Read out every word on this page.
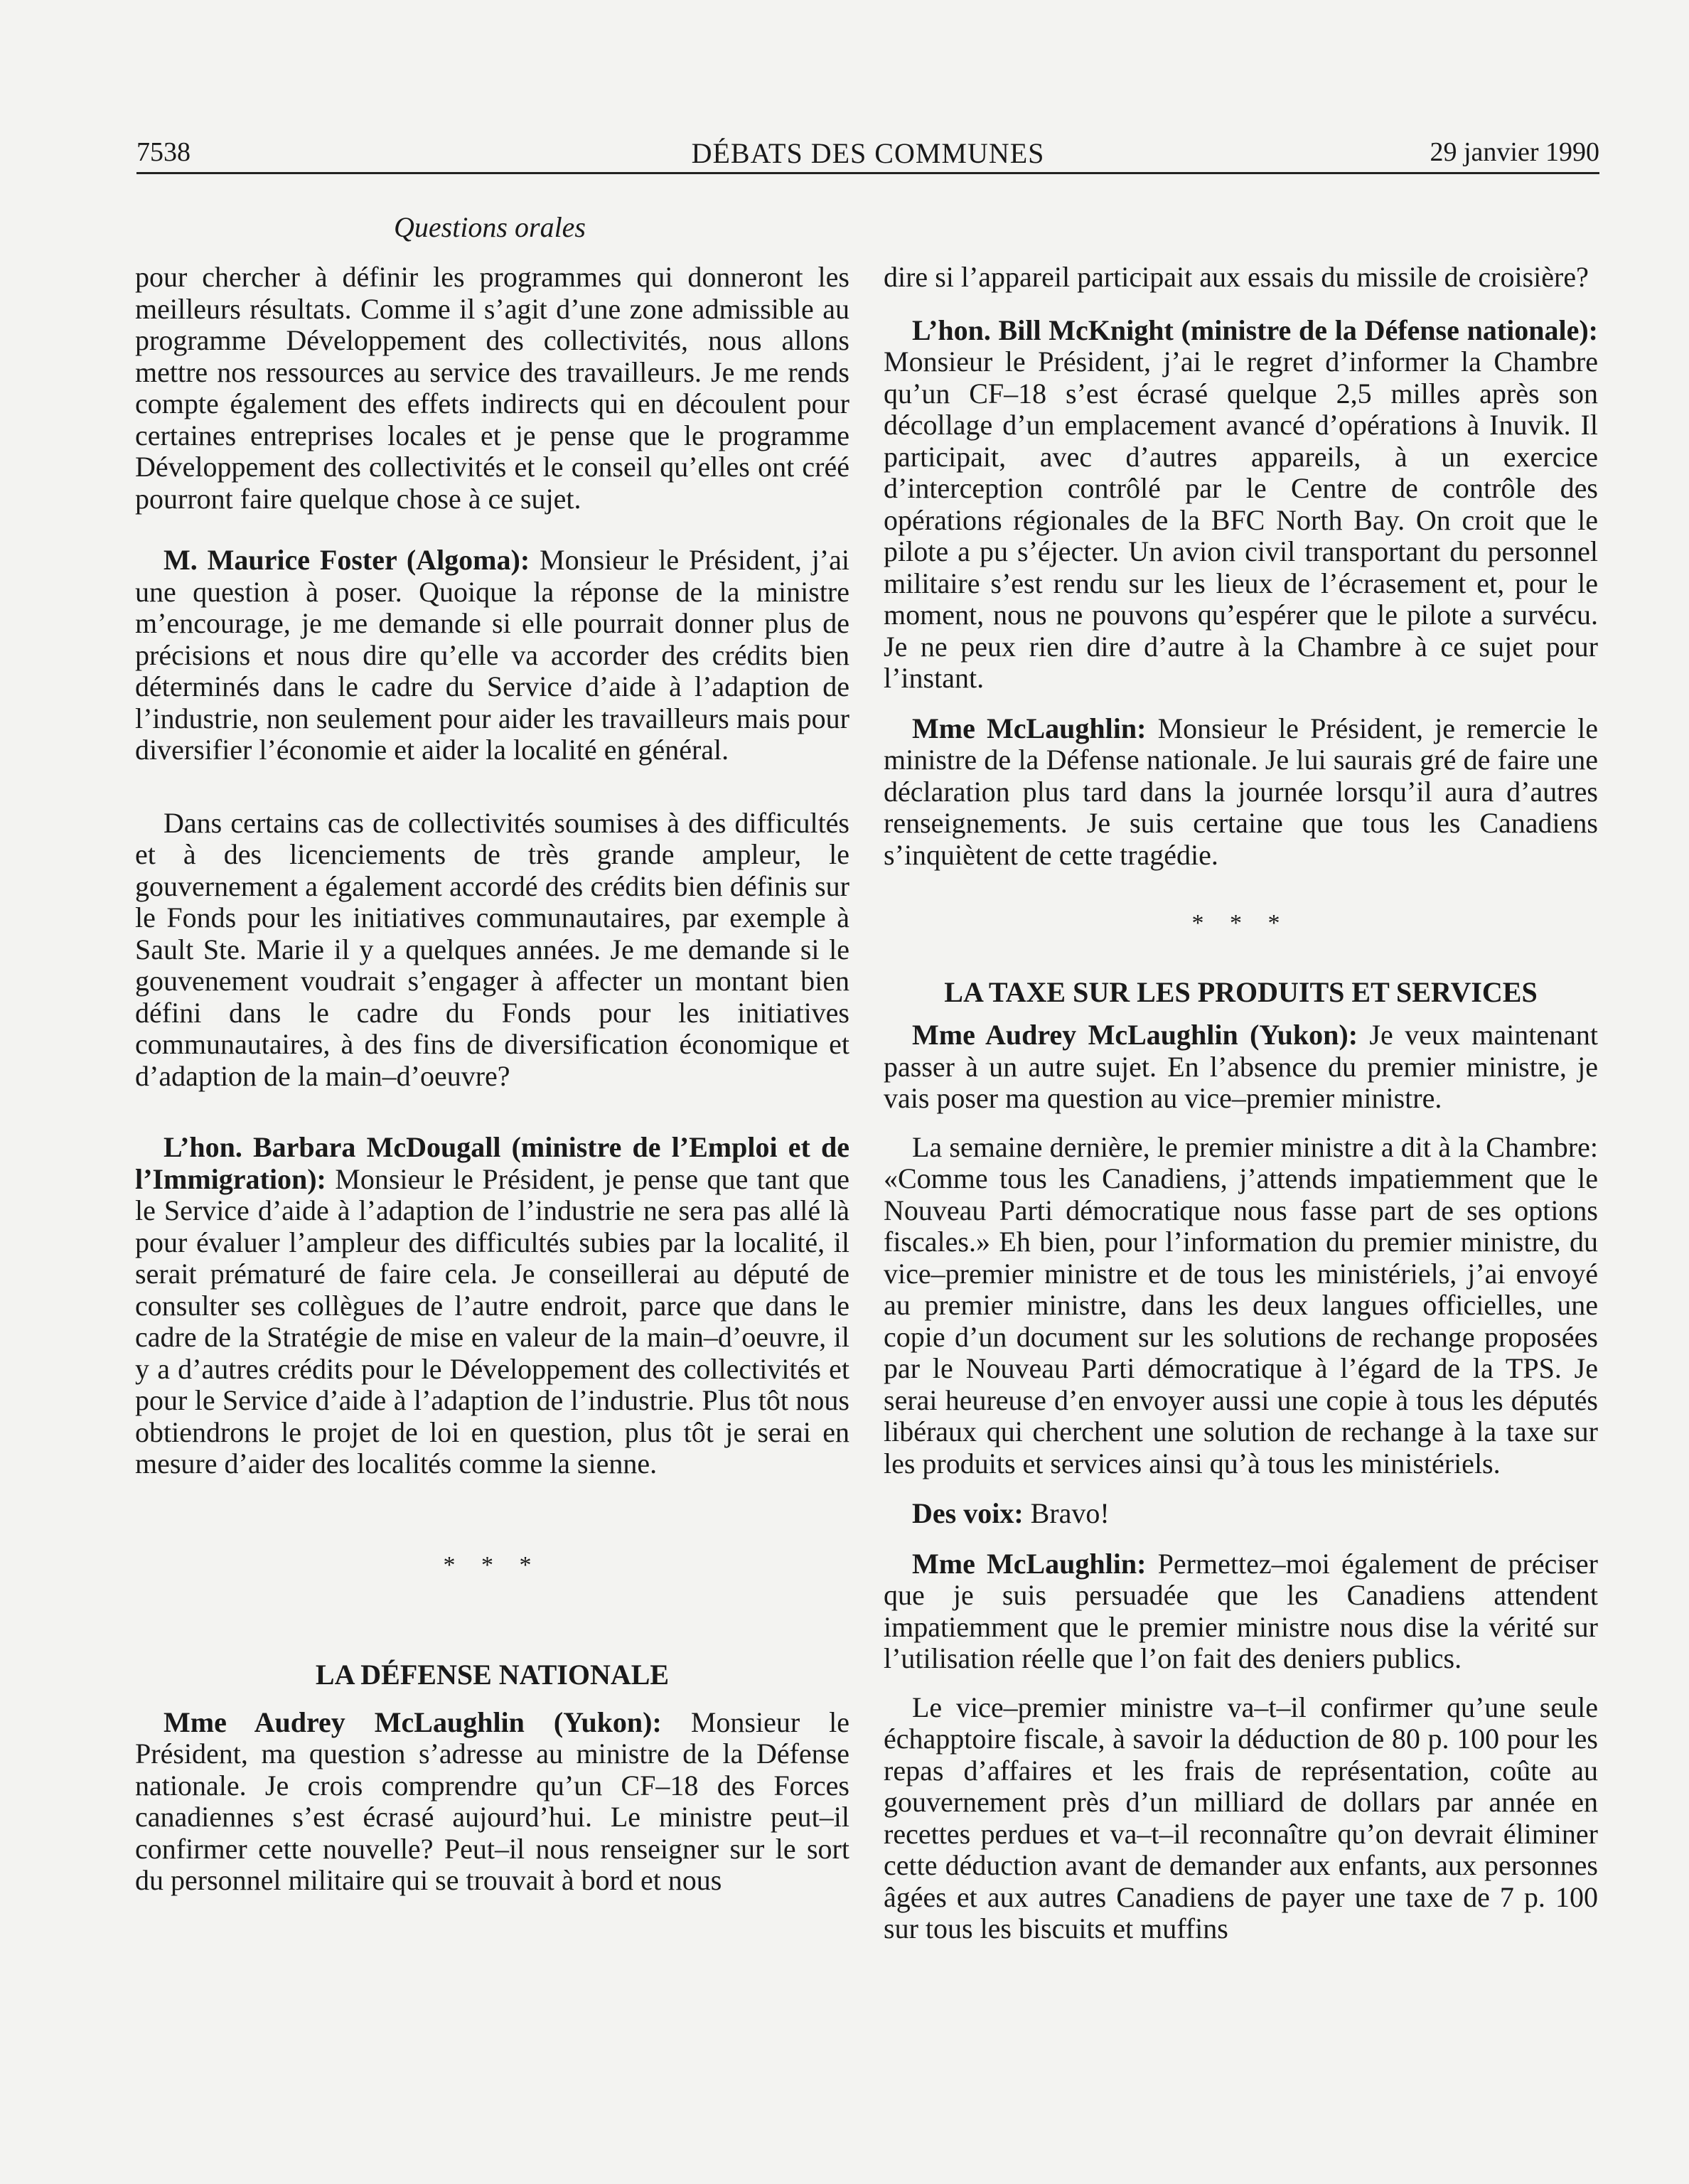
7538	DÉBATS DES COMMUNES	29 janvier 1990
Questions orales

pour chercher à définir les programmes qui donneront les meilleurs résultats. Comme il s’agit d’une zone admissible au programme Développement des collectivités, nous allons mettre nos ressources au service des travailleurs. Je me rends compte également des effets indirects qui en découlent pour certaines entreprises locales et je pense que le programme Développement des collectivités et le conseil qu’elles ont créé pourront faire quelque chose à ce sujet.

M. Maurice Foster (Algoma): Monsieur le Président, j’ai une question à poser. Quoique la réponse de la ministre m’encourage, je me demande si elle pourrait donner plus de précisions et nous dire qu’elle va accorder des crédits bien déterminés dans le cadre du Service d’aide à l’adaption de l’industrie, non seulement pour aider les travailleurs mais pour diversifier l’économie et aider la localité en général.

Dans certains cas de collectivités soumises à des difficultés et à des licenciements de très grande ampleur, le gouvernement a également accordé des crédits bien définis sur le Fonds pour les initiatives communautaires, par exemple à Sault Ste. Marie il y a quelques années. Je me demande si le gouvenement voudrait s’engager à affecter un montant bien défini dans le cadre du Fonds pour les initiatives communautaires, à des fins de diversification économique et d’adaption de la main–d’oeuvre?

L’hon. Barbara McDougall (ministre de l’Emploi et de l’Immigration): Monsieur le Président, je pense que tant que le Service d’aide à l’adaption de l’industrie ne sera pas allé là pour évaluer l’ampleur des difficultés subies par la localité, il serait prématuré de faire cela. Je conseillerai au député de consulter ses collègues de l’autre endroit, parce que dans le cadre de la Stratégie de mise en valeur de la main–d’oeuvre, il y a d’autres crédits pour le Développement des collectivités et pour le Service d’aide à l’adaption de l’industrie. Plus tôt nous obtiendrons le projet de loi en question, plus tôt je serai en mesure d’aider des localités comme la sienne.

* * *
LA DÉFENSE NATIONALE

Mme Audrey McLaughlin (Yukon): Monsieur le Président, ma question s’adresse au ministre de la Défense nationale. Je crois comprendre qu’un CF–18 des Forces canadiennes s’est écrasé aujourd’hui. Le ministre peut–il confirmer cette nouvelle? Peut–il nous renseigner sur le sort du personnel militaire qui se trouvait à bord et nous

dire si l’appareil participait aux essais du missile de croisière?

L’hon. Bill McKnight (ministre de la Défense nationale): Monsieur le Président, j’ai le regret d’informer la Chambre qu’un CF–18 s’est écrasé quelque 2,5 milles après son décollage d’un emplacement avancé d’opérations à Inuvik. Il participait, avec d’autres appareils, à un exercice d’interception contrôlé par le Centre de contrôle des opérations régionales de la BFC North Bay. On croit que le pilote a pu s’éjecter. Un avion civil transportant du personnel militaire s’est rendu sur les lieux de l’écrasement et, pour le moment, nous ne pouvons qu’espérer que le pilote a survécu. Je ne peux rien dire d’autre à la Chambre à ce sujet pour l’instant.

Mme McLaughlin: Monsieur le Président, je remercie le ministre de la Défense nationale. Je lui saurais gré de faire une déclaration plus tard dans la journée lorsqu’il aura d’autres renseignements. Je suis certaine que tous les Canadiens s’inquiètent de cette tragédie.

* * *
LA TAXE SUR LES PRODUITS ET SERVICES

Mme Audrey McLaughlin (Yukon): Je veux maintenant passer à un autre sujet. En l’absence du premier ministre, je vais poser ma question au vice–premier ministre.

La semaine dernière, le premier ministre a dit à la Chambre: «Comme tous les Canadiens, j’attends impatiemment que le Nouveau Parti démocratique nous fasse part de ses options fiscales.» Eh bien, pour l’information du premier ministre, du vice–premier ministre et de tous les ministériels, j’ai envoyé au premier ministre, dans les deux langues officielles, une copie d’un document sur les solutions de rechange proposées par le Nouveau Parti démocratique à l’égard de la TPS. Je serai heureuse d’en envoyer aussi une copie à tous les députés libéraux qui cherchent une solution de rechange à la taxe sur les produits et services ainsi qu’à tous les ministériels.

Des voix: Bravo!

Mme McLaughlin: Permettez–moi également de préciser que je suis persuadée que les Canadiens attendent impatiemment que le premier ministre nous dise la vérité sur l’utilisation réelle que l’on fait des deniers publics.

Le vice–premier ministre va–t–il confirmer qu’une seule échapptoire fiscale, à savoir la déduction de 80 p. 100 pour les repas d’affaires et les frais de représentation, coûte au gouvernement près d’un milliard de dollars par année en recettes perdues et va–t–il reconnaître qu’on devrait éliminer cette déduction avant de demander aux enfants, aux personnes âgées et aux autres Canadiens de payer une taxe de 7 p. 100 sur tous les biscuits et muffins
